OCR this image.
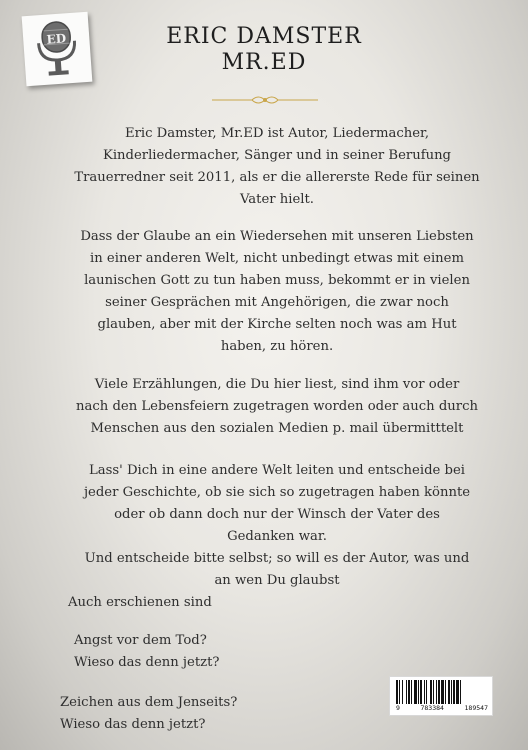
ED	ERIC DAMSTER
MR.ED
Eric Damster, Mr.ED ist Autor, Liedermacher,
Kinderliedermacher, Sänger und in seiner Berufung
Trauerredner seit 2011, als er die allererste Rede für seinen
Vater hielt.
Dass der Glaube an ein Wiedersehen mit unseren Liebsten
in einer anderen Welt, nicht unbedingt etwas mit einem
launischen Gott zu tun haben muss, bekommt er in vielen
seiner Gesprächen mit Angehörigen, die zwar noch
glauben, aber mit der Kirche selten noch was am Hut
haben, zu hören.
Viele Erzählungen, die Du hier liest, sind ihm vor oder
nach den Lebensfeiern zugetragen worden oder auch durch
Menschen aus den sozialen Medien p. mail übermitttelt
Lass' Dich in eine andere Welt leiten und entscheide bei
jeder Geschichte, ob sie sich so zugetragen haben könnte
oder ob dann doch nur der Winsch der Vater des
Gedanken war.
Und entscheide bitte selbst; so will es der Autor, was und
an wen Du glaubst
Auch erschienen sind
Angst vor dem Tod?
Wieso das denn jetzt?
Zeichen aus dem Jenseits?
Wieso das denn jetzt?
9	783384	189547
